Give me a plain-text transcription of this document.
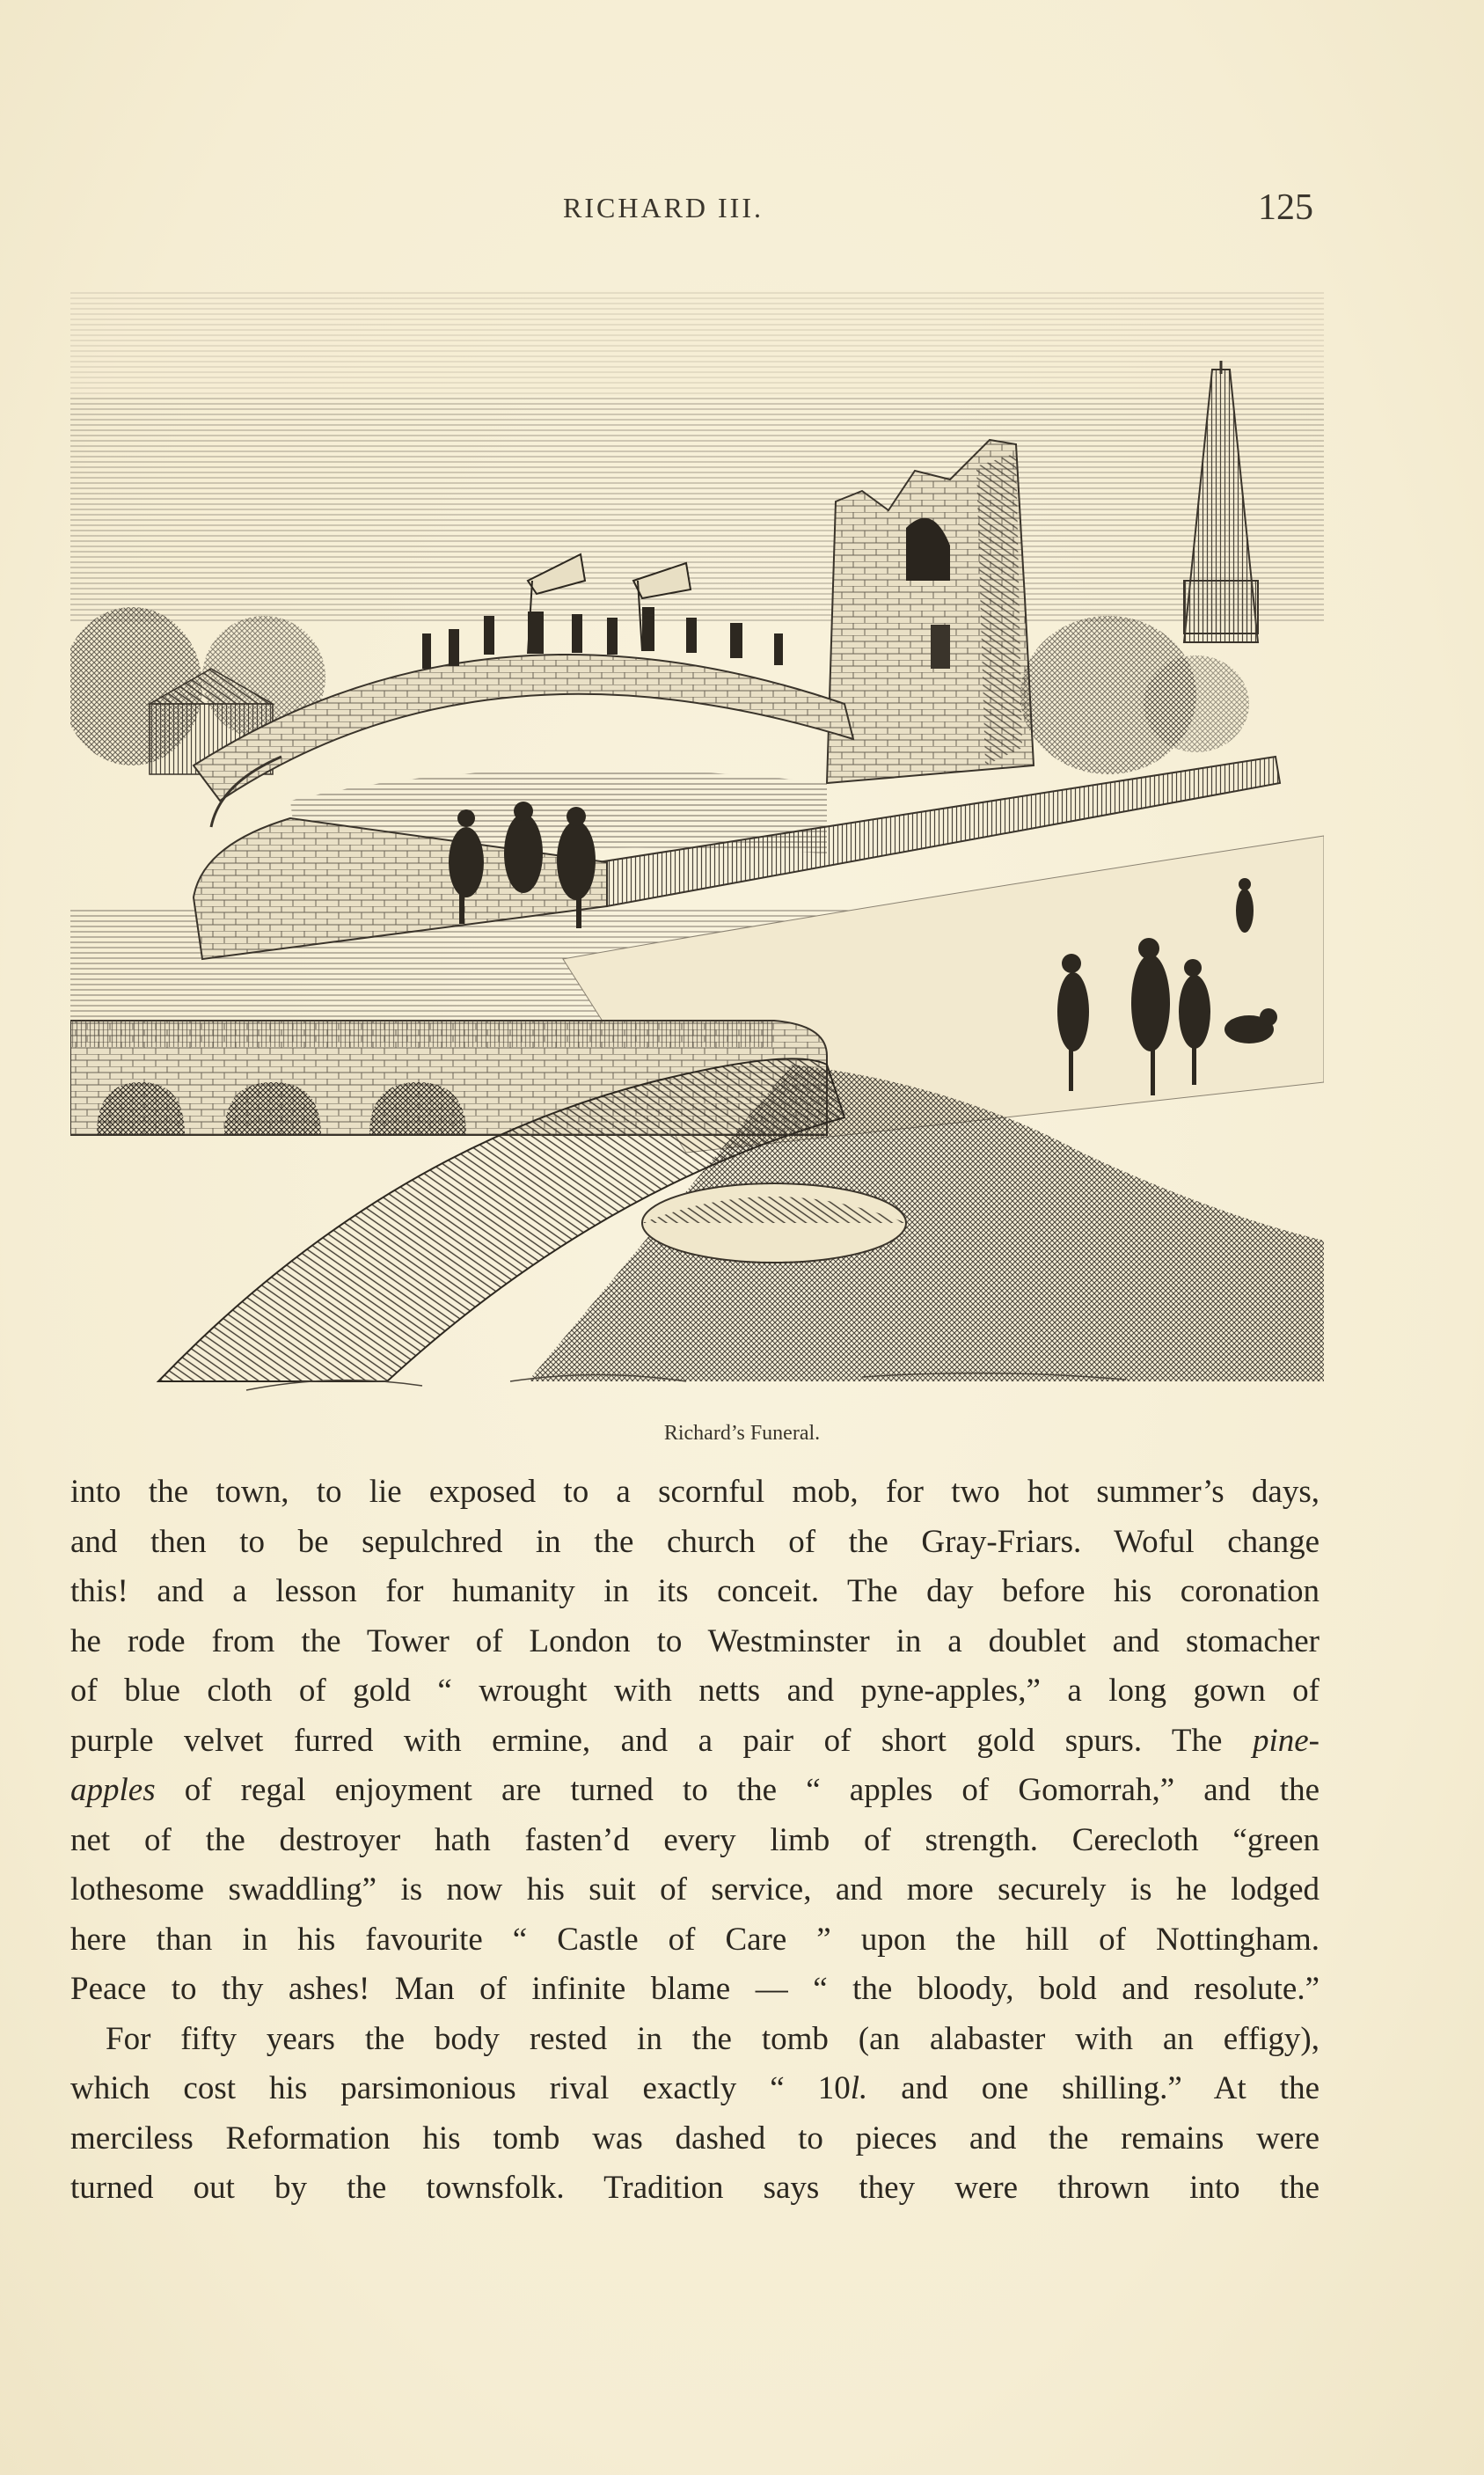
RICHARD III.	125
Richard’s Funeral.
into the town, to lie exposed to a scornful mob, for two hot summer’s days,
and then to be sepulchred in the church of the Gray-Friars. Woful change
this! and a lesson for humanity in its conceit. The day before his coronation
he rode from the Tower of London to Westminster in a doublet and stomacher
of blue cloth of gold “ wrought with netts and pyne-apples,” a long gown of
purple velvet furred with ermine, and a pair of short gold spurs. The pine-
apples of regal enjoyment are turned to the “ apples of Gomorrah,” and the
net of the destroyer hath fasten’d every limb of strength. Cerecloth “green
lothesome swaddling” is now his suit of service, and more securely is he lodged
here than in his favourite “ Castle of Care ” upon the hill of Nottingham.
Peace to thy ashes! Man of infinite blame — “ the bloody, bold and resolute.”
For fifty years the body rested in the tomb (an alabaster with an effigy),
which cost his parsimonious rival exactly “ 10l. and one shilling.” At the
merciless Reformation his tomb was dashed to pieces and the remains were
turned out by the townsfolk. Tradition says they were thrown into the
